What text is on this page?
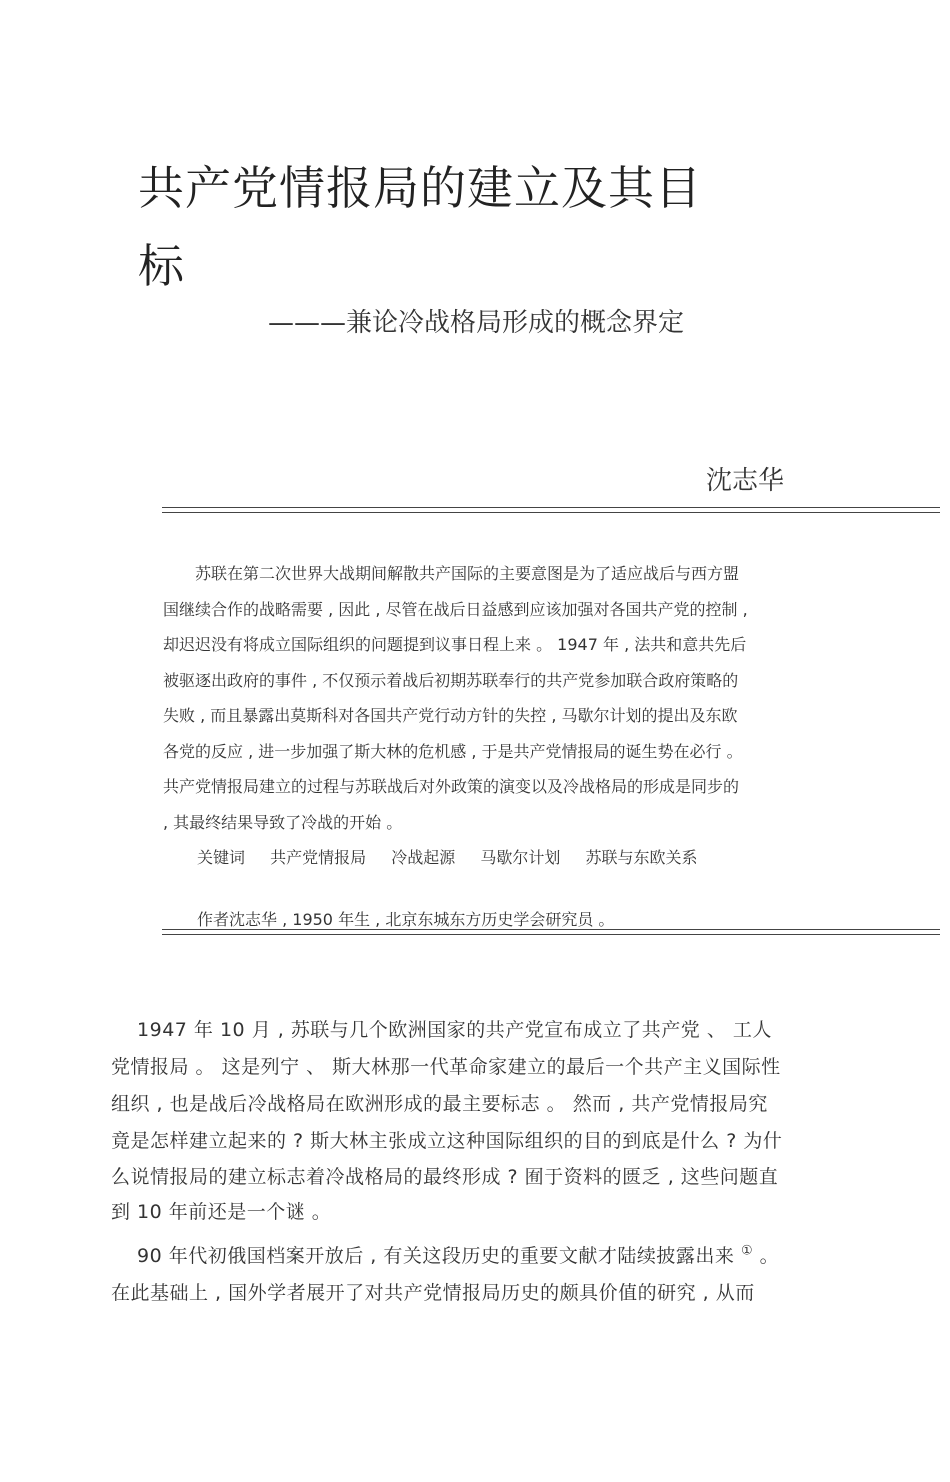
共产党情报局的建立及其目
标
———兼论冷战格局形成的概念界定
沈志华
　　苏联在第二次世界大战期间解散共产国际的主要意图是为了适应战后与西方盟
国继续合作的战略需要 , 因此 , 尽管在战后日益感到应该加强对各国共产党的控制 ,
却迟迟没有将成立国际组织的问题提到议事日程上来 。 1947 年 , 法共和意共先后
被驱逐出政府的事件 , 不仅预示着战后初期苏联奉行的共产党参加联合政府策略的
失败 , 而且暴露出莫斯科对各国共产党行动方针的失控 , 马歇尔计划的提出及东欧
各党的反应 , 进一步加强了斯大林的危机感 , 于是共产党情报局的诞生势在必行 。
共产党情报局建立的过程与苏联战后对外政策的演变以及冷战格局的形成是同步的
, 其最终结果导致了冷战的开始 。
关键词 共产党情报局 冷战起源 马歇尔计划 苏联与东欧关系
作者沈志华 , 1950 年生 , 北京东城东方历史学会研究员 。
　 1947 年 10 月 , 苏联与几个欧洲国家的共产党宣布成立了共产党 、 工人
党情报局 。 这是列宁 、 斯大林那一代革命家建立的最后一个共产主义国际性
组织 , 也是战后冷战格局在欧洲形成的最主要标志 。 然而 , 共产党情报局究
竟是怎样建立起来的 ? 斯大林主张成立这种国际组织的目的到底是什么 ? 为什
么说情报局的建立标志着冷战格局的最终形成 ? 囿于资料的匮乏 , 这些问题直
到 10 年前还是一个谜 。
　 90 年代初俄国档案开放后 , 有关这段历史的重要文献才陆续披露出来 ① 。
在此基础上 , 国外学者展开了对共产党情报局历史的颇具价值的研究 , 从而
